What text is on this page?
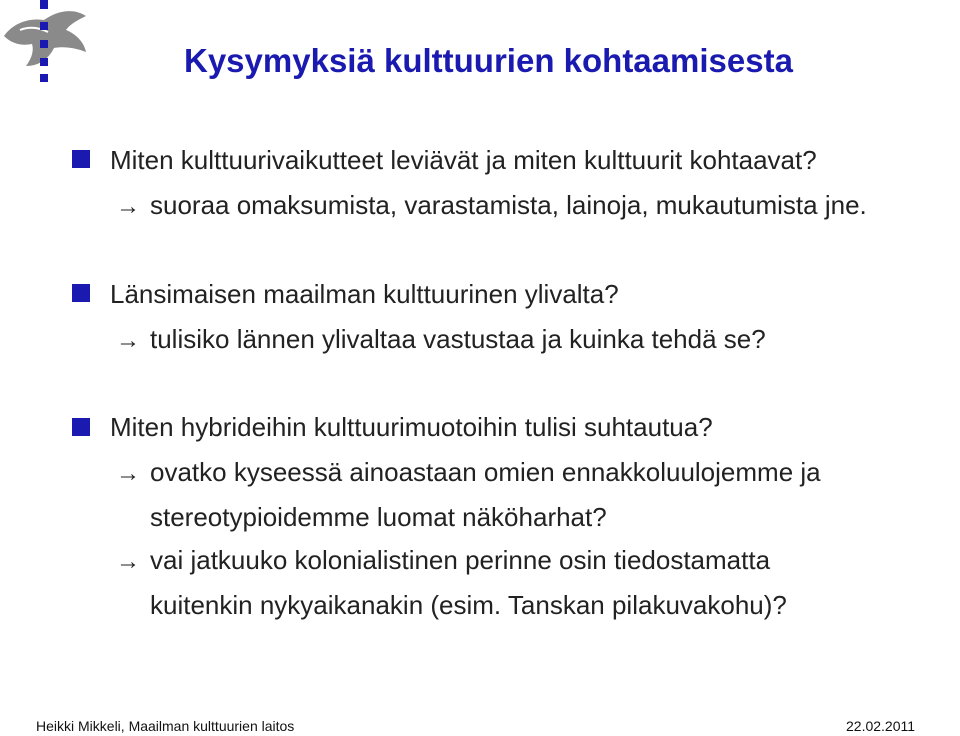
Kysymyksiä kulttuurien kohtaamisesta
Miten kulttuurivaikutteet leviävät ja miten kulttuurit kohtaavat?
→ suoraa omaksumista, varastamista, lainoja, mukautumista jne.
Länsimaisen maailman kulttuurinen ylivalta?
→ tulisiko lännen ylivaltaa vastustaa ja kuinka tehdä se?
Miten hybrideihin kulttuurimuotoihin tulisi suhtautua?
→ ovatko kyseessä ainoastaan omien ennakkoluulojemme ja
stereotypioidemme luomat näköharhat?
→ vai jatkuuko kolonialistinen perinne osin tiedostamatta
kuitenkin nykyaikanakin (esim. Tanskan pilakuvakohu)?
Heikki Mikkeli, Maailman kulttuurien laitos	22.02.2011
